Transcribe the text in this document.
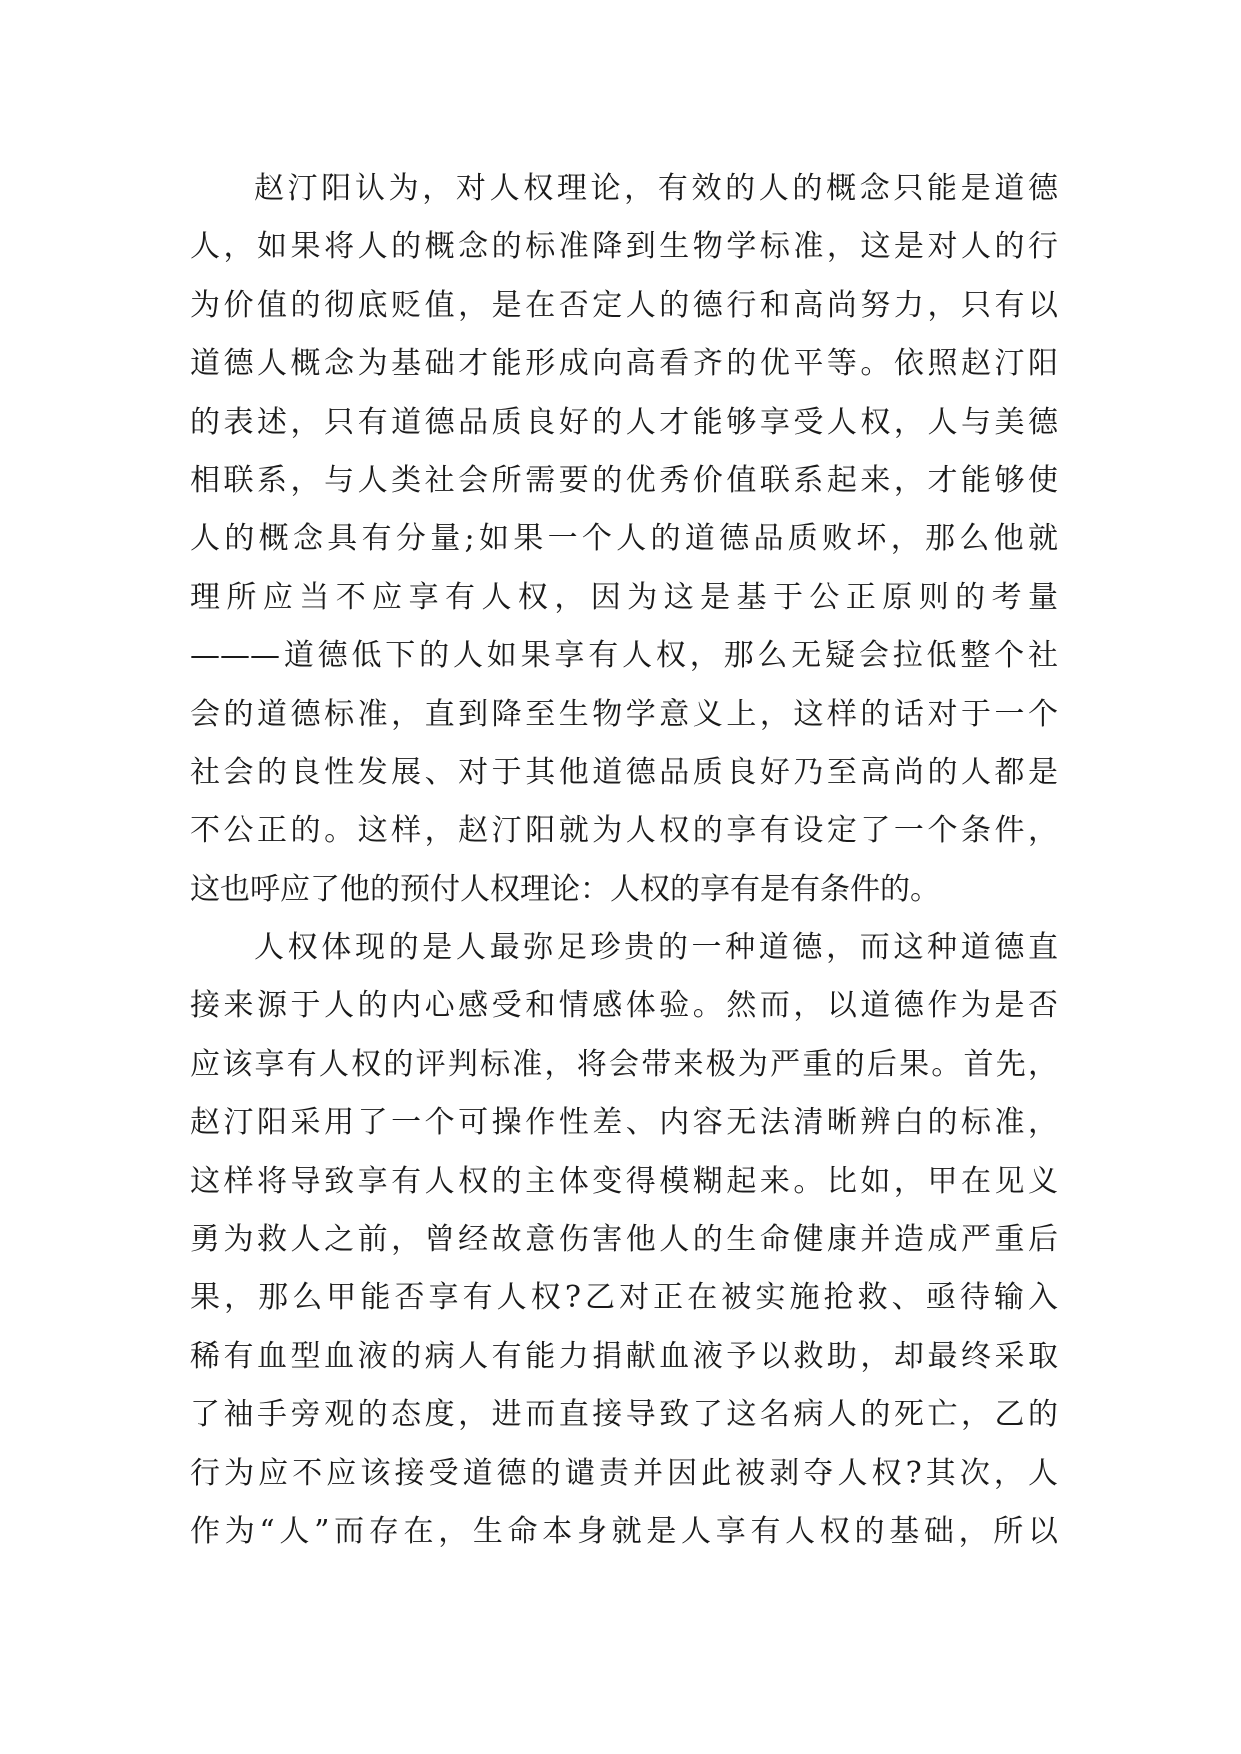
赵汀阳认为，对人权理论，有效的人的概念只能是道德
人，如果将人的概念的标准降到生物学标准，这是对人的行
为价值的彻底贬值，是在否定人的德行和高尚努力，只有以
道德人概念为基础才能形成向高看齐的优平等。依照赵汀阳
的表述，只有道德品质良好的人才能够享受人权，人与美德
相联系，与人类社会所需要的优秀价值联系起来，才能够使
人的概念具有分量;如果一个人的道德品质败坏，那么他就
理所应当不应享有人权，因为这是基于公正原则的考量
———道德低下的人如果享有人权，那么无疑会拉低整个社
会的道德标准，直到降至生物学意义上，这样的话对于一个
社会的良性发展、对于其他道德品质良好乃至高尚的人都是
不公正的。这样，赵汀阳就为人权的享有设定了一个条件，
这也呼应了他的预付人权理论：人权的享有是有条件的。

人权体现的是人最弥足珍贵的一种道德，而这种道德直
接来源于人的内心感受和情感体验。然而，以道德作为是否
应该享有人权的评判标准，将会带来极为严重的后果。首先，
赵汀阳采用了一个可操作性差、内容无法清晰辨白的标准，
这样将导致享有人权的主体变得模糊起来。比如，甲在见义
勇为救人之前，曾经故意伤害他人的生命健康并造成严重后
果，那么甲能否享有人权?乙对正在被实施抢救、亟待输入
稀有血型血液的病人有能力捐献血液予以救助，却最终采取
了袖手旁观的态度，进而直接导致了这名病人的死亡，乙的
行为应不应该接受道德的谴责并因此被剥夺人权?其次，人
作为“人”而存在，生命本身就是人享有人权的基础，所以
